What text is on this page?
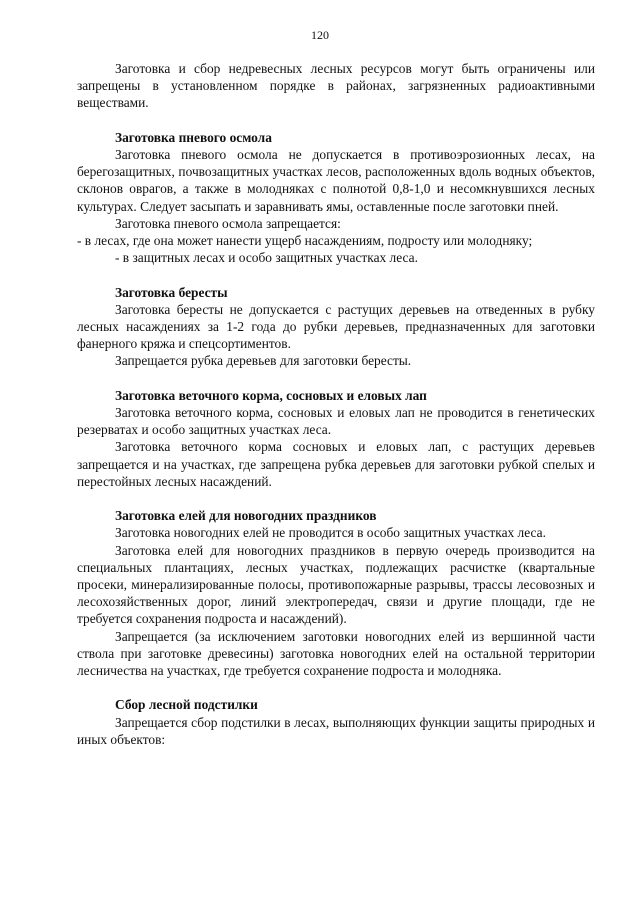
120

Заготовка и сбор недревесных лесных ресурсов могут быть ограничены или запрещены в установленном порядке в районах, загрязненных радиоактивными веществами.

Заготовка пневого осмола

Заготовка пневого осмола не допускается в противоэрозионных лесах, на берегозащитных, почвозащитных участках лесов, расположенных вдоль водных объектов, склонов оврагов, а также в молодняках с полнотой 0,8-1,0 и несомкнувшихся лесных культурах. Следует засыпать и заравнивать ямы, оставленные после заготовки пней.

Заготовка пневого осмола запрещается:

- в лесах, где она может нанести ущерб насаждениям, подросту или молодняку;

- в защитных лесах и особо защитных участках леса.

Заготовка бересты

Заготовка бересты не допускается с растущих деревьев на отведенных в рубку лесных насаждениях за 1-2 года до рубки деревьев, предназначенных для заготовки фанерного кряжа и спецсортиментов.

Запрещается рубка деревьев для заготовки бересты.

Заготовка веточного корма, сосновых и еловых лап

Заготовка веточного корма, сосновых и еловых лап не проводится в генетических резерватах и особо защитных участках леса.

Заготовка веточного корма сосновых и еловых лап, с растущих деревьев запрещается и на участках, где запрещена рубка деревьев для заготовки рубкой спелых и перестойных лесных насаждений.

Заготовка елей для новогодних праздников

Заготовка новогодних елей не проводится в особо защитных участках леса.

Заготовка елей для новогодних праздников в первую очередь производится на специальных плантациях, лесных участках, подлежащих расчистке (квартальные просеки, минерализированные полосы, противопожарные разрывы, трассы лесовозных и лесохозяйственных дорог, линий электропередач, связи и другие площади, где не требуется сохранения подроста и насаждений).

Запрещается (за исключением заготовки новогодних елей из вершинной части ствола при заготовке древесины) заготовка новогодних елей на остальной территории лесничества на участках, где требуется сохранение подроста и молодняка.

Сбор лесной подстилки

Запрещается сбор подстилки в лесах, выполняющих функции защиты природных и иных объектов:
